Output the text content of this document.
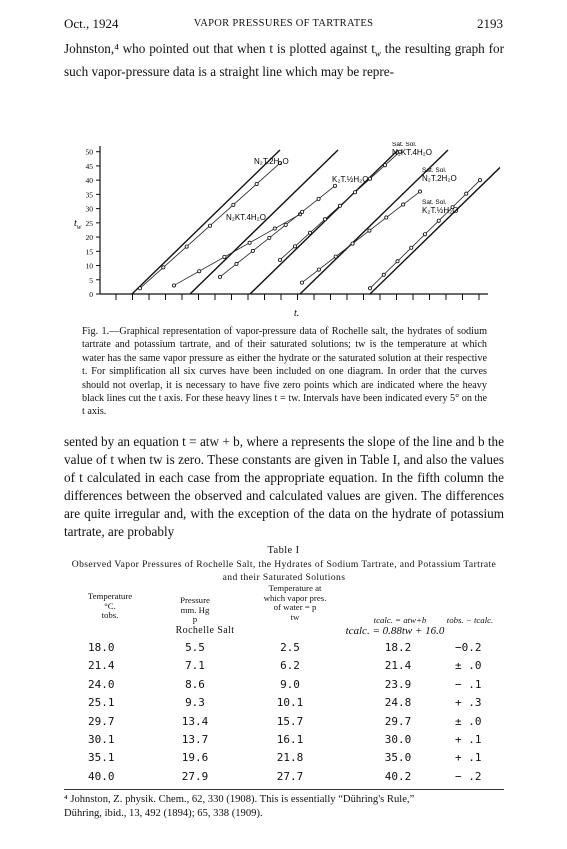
Oct., 1924	VAPOR PRESSURES OF TARTRATES	2193
Johnston,⁴ who pointed out that when t is plotted against $t_w$ the resulting graph for such vapor-pressure data is a straight line which may be repre-
0
5
10
15
20
25
30
35
40
45
50
$t_w$
t.
N₂T.2H₂O
N₂KT.4H₂O
K₂T.½H₂O
Sat. Sol. N₂KT.4H₂O
Sat. Sol. N₂T.2H₂O
Sat. Sol. K₂T.½H₂O
Fig. 1.—Graphical representation of vapor-pressure data of Rochelle salt, the hydrates of sodium tartrate and potassium tartrate, and of their saturated solutions; tw is the temperature at which water has the same vapor pressure as either the hydrate or the saturated solution at their respective t. For simplification all six curves have been included on one diagram. In order that the curves should not overlap, it is necessary to have five zero points which are indicated where the heavy black lines cut the t axis. For these heavy lines t = tw. Intervals have been indicated every 5° on the t axis.
sented by an equation t = atw + b, where a represents the slope of the line and b the value of t when tw is zero. These constants are given in Table I, and also the values of t calculated in each case from the appropriate equation. In the fifth column the differences between the observed and calculated values are given. The differences are quite irregular and, with the exception of the data on the hydrate of potassium tartrate, are probably
Table I
Observed Vapor Pressures of Rochelle Salt, the Hydrates of Sodium Tartrate, and Potassium Tartrate and their Saturated Solutions
Temperature
°C.
tobs.
Pressure
mm. Hg
p
Temperature at
which vapor pres.
of water = p
tw	tcalc. = atw+b	tobs. − tcalc.
Rochelle Salt	tcalc. = 0.88tw + 16.0
18.0	5.5	2.5	18.2	−0.2
21.4	7.1	6.2	21.4	± .0
24.0	8.6	9.0	23.9	− .1
25.1	9.3	10.1	24.8	+ .3
29.7	13.4	15.7	29.7	± .0
30.1	13.7	16.1	30.0	+ .1
35.1	19.6	21.8	35.0	+ .1
40.0	27.9	27.7	40.2	− .2
⁴ Johnston, Z. physik. Chem., 62, 330 (1908). This is essentially “Dühring's Rule,”
Dühring, ibid., 13, 492 (1894); 65, 338 (1909).
